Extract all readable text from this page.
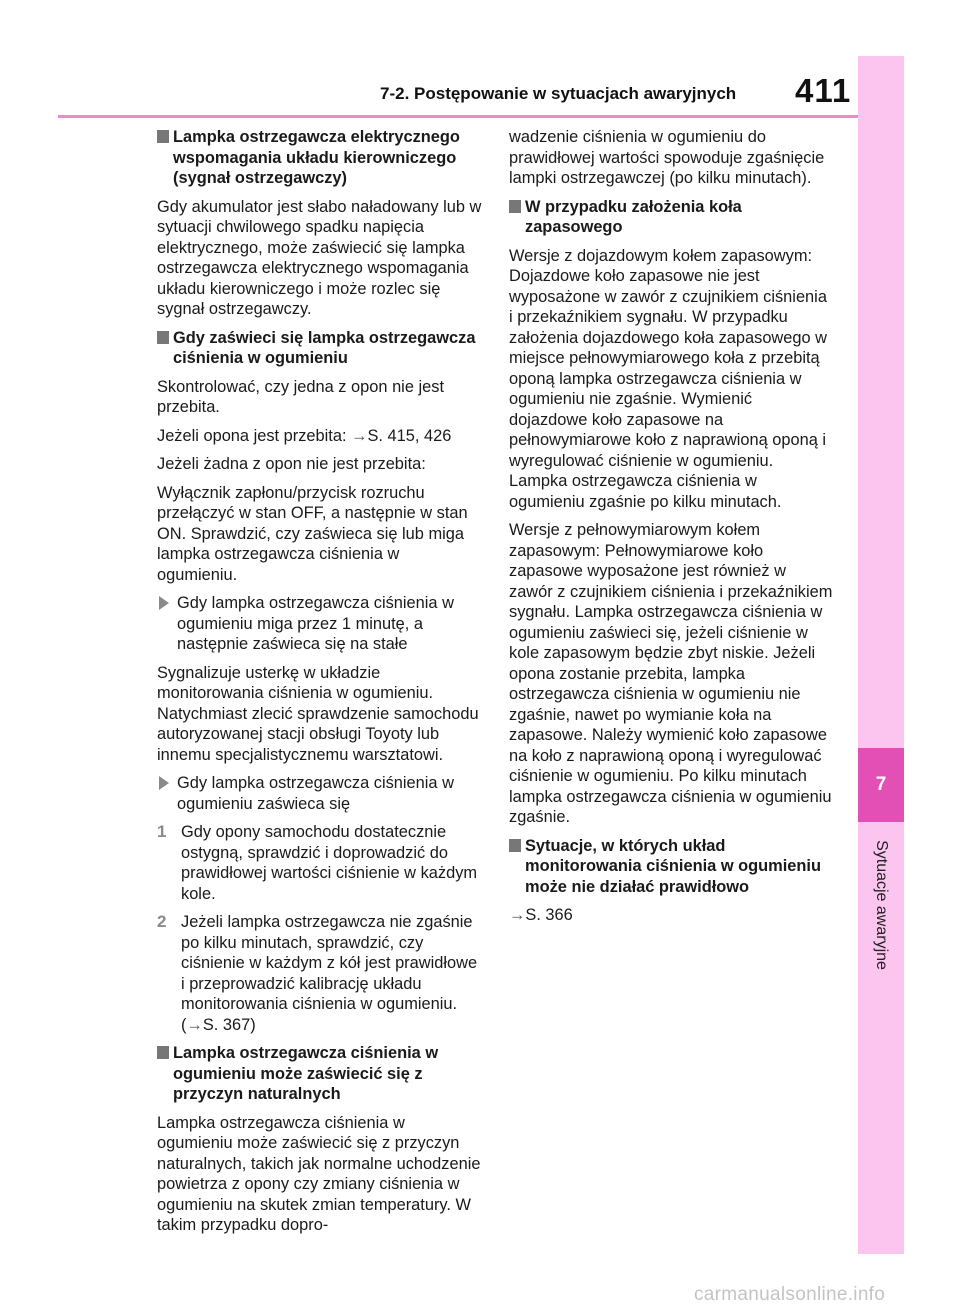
7-2. Postępowanie w sytuacjach awaryjnych 411
7
Sytuacje awaryjne
Lampka ostrzegawcza elektrycznego wspomagania układu kierowniczego (sygnał ostrzegawczy)

Gdy akumulator jest słabo naładowany lub w sytuacji chwilowego spadku napięcia elektrycznego, może zaświecić się lampka ostrzegawcza elektrycznego wspomagania układu kierowniczego i może rozlec się sygnał ostrzegawczy.

Gdy zaświeci się lampka ostrzegawcza ciśnienia w ogumieniu

Skontrolować, czy jedna z opon nie jest przebita.

Jeżeli opona jest przebita: →S. 415, 426

Jeżeli żadna z opon nie jest przebita:

Wyłącznik zapłonu/przycisk rozruchu przełączyć w stan OFF, a następnie w stan ON. Sprawdzić, czy zaświeca się lub miga lampka ostrzegawcza ciśnienia w ogumieniu.

Gdy lampka ostrzegawcza ciśnienia w ogumieniu miga przez 1 minutę, a następnie zaświeca się na stałe

Sygnalizuje usterkę w układzie monitorowania ciśnienia w ogumieniu. Natychmiast zlecić sprawdzenie samochodu autoryzowanej stacji obsługi Toyoty lub innemu specjalistycznemu warsztatowi.

Gdy lampka ostrzegawcza ciśnienia w ogumieniu zaświeca się
1 Gdy opony samochodu dostatecznie ostygną, sprawdzić i doprowadzić do prawidłowej wartości ciśnienie w każdym kole.
2 Jeżeli lampka ostrzegawcza nie zgaśnie po kilku minutach, sprawdzić, czy ciśnienie w każdym z kół jest prawidłowe i przeprowadzić kalibrację układu monitorowania ciśnienia w ogumieniu. (→S. 367)
Lampka ostrzegawcza ciśnienia w ogumieniu może zaświecić się z przyczyn naturalnych

Lampka ostrzegawcza ciśnienia w ogumieniu może zaświecić się z przyczyn naturalnych, takich jak normalne uchodzenie powietrza z opony czy zmiany ciśnienia w ogumieniu na skutek zmian temperatury. W takim przypadku dopro-

wadzenie ciśnienia w ogumieniu do prawidłowej wartości spowoduje zgaśnięcie lampki ostrzegawczej (po kilku minutach).

W przypadku założenia koła zapasowego

Wersje z dojazdowym kołem zapasowym: Dojazdowe koło zapasowe nie jest wyposażone w zawór z czujnikiem ciśnienia i przekaźnikiem sygnału. W przypadku założenia dojazdowego koła zapasowego w miejsce pełnowymiarowego koła z przebitą oponą lampka ostrzegawcza ciśnienia w ogumieniu nie zgaśnie. Wymienić dojazdowe koło zapasowe na pełnowymiarowe koło z naprawioną oponą i wyregulować ciśnienie w ogumieniu. Lampka ostrzegawcza ciśnienia w ogumieniu zgaśnie po kilku minutach.

Wersje z pełnowymiarowym kołem zapasowym: Pełnowymiarowe koło zapasowe wyposażone jest również w zawór z czujnikiem ciśnienia i przekaźnikiem sygnału. Lampka ostrzegawcza ciśnienia w ogumieniu zaświeci się, jeżeli ciśnienie w kole zapasowym będzie zbyt niskie. Jeżeli opona zostanie przebita, lampka ostrzegawcza ciśnienia w ogumieniu nie zgaśnie, nawet po wymianie koła na zapasowe. Należy wymienić koło zapasowe na koło z naprawioną oponą i wyregulować ciśnienie w ogumieniu. Po kilku minutach lampka ostrzegawcza ciśnienia w ogumieniu zgaśnie.

Sytuacje, w których układ monitorowania ciśnienia w ogumieniu może nie działać prawidłowo

→S. 366

carmanualsonline.info
